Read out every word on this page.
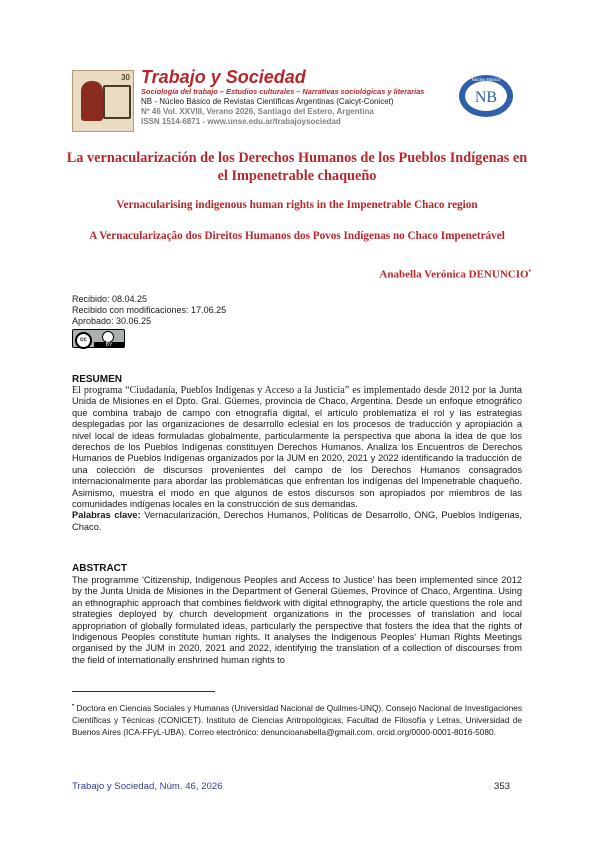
30 Trabajo y Sociedad
Sociología del trabajo – Estudios culturales – Narrativas sociológicas y literarias
NB - Núcleo Básico de Revistas Científicas Argentinas (Caicyt-Conicet)
Nº 46 Vol. XXVIII, Verano 2026, Santiago del Estero, Argentina
ISSN 1514-6871 - www.unse.edu.ar/trabajoysociedad
NB
Núcleo Básico
La vernacularización de los Derechos Humanos de los Pueblos Indígenas en el Impenetrable chaqueño
Vernacularising indigenous human rights in the Impenetrable Chaco region
A Vernacularização dos Direitos Humanos dos Povos Indígenas no Chaco Impenetrável
Anabella Verónica DENUNCIO•
Recibido: 08.04.25
Recibido con modificaciones: 17.06.25
Aprobado: 30.06.25
cc
BY
RESUMEN
El programa “Ciudadanía, Pueblos Indígenas y Acceso a la Justicia” es implementado desde 2012 por la Junta Unida de Misiones en el Dpto. Gral. Güemes, provincia de Chaco, Argentina. Desde un enfoque etnográfico que combina trabajo de campo con etnografía digital, el artículo problematiza el rol y las estrategias desplegadas por las organizaciones de desarrollo eclesial en los procesos de traducción y apropiación a nivel local de ideas formuladas globalmente, particularmente la perspectiva que abona la idea de que los derechos de los Pueblos Indígenas constituyen Derechos Humanos. Analiza los Encuentros de Derechos Humanos de Pueblos Indígenas organizados por la JUM en 2020, 2021 y 2022 identificando la traducción de una colección de discursos provenientes del campo de los Derechos Humanos consagrados internacionalmente para abordar las problemáticas que enfrentan los indígenas del Impenetrable chaqueño. Asimismo, muestra el modo en que algunos de estos discursos son apropiados por miembros de las comunidades indígenas locales en la construcción de sus demandas.
Palabras clave: Vernacularización, Derechos Humanos, Políticas de Desarrollo, ONG, Pueblos Indígenas, Chaco.
ABSTRACT
The programme 'Citizenship, Indigenous Peoples and Access to Justice' has been implemented since 2012 by the Junta Unida de Misiones in the Department of General Güemes, Province of Chaco, Argentina. Using an ethnographic approach that combines fieldwork with digital ethnography, the article questions the role and strategies deployed by church development organizations in the processes of translation and local appropriation of globally formulated ideas, particularly the perspective that fosters the idea that the rights of Indigenous Peoples constitute human rights. It analyses the Indigenous Peoples' Human Rights Meetings organised by the JUM in 2020, 2021 and 2022, identifying the translation of a collection of discourses from the field of internationally enshrined human rights to
• Doctora en Ciencias Sociales y Humanas (Universidad Nacional de Quilmes-UNQ). Consejo Nacional de Investigaciones Científicas y Técnicas (CONICET). Instituto de Ciencias Antropológicas, Facultad de Filosofía y Letras, Universidad de Buenos Aires (ICA-FFyL-UBA). Correo electrónico: denuncioanabella@gmail.com. orcid.org/0000-0001-8016-5080.
Trabajo y Sociedad, Núm. 46, 2026	353
